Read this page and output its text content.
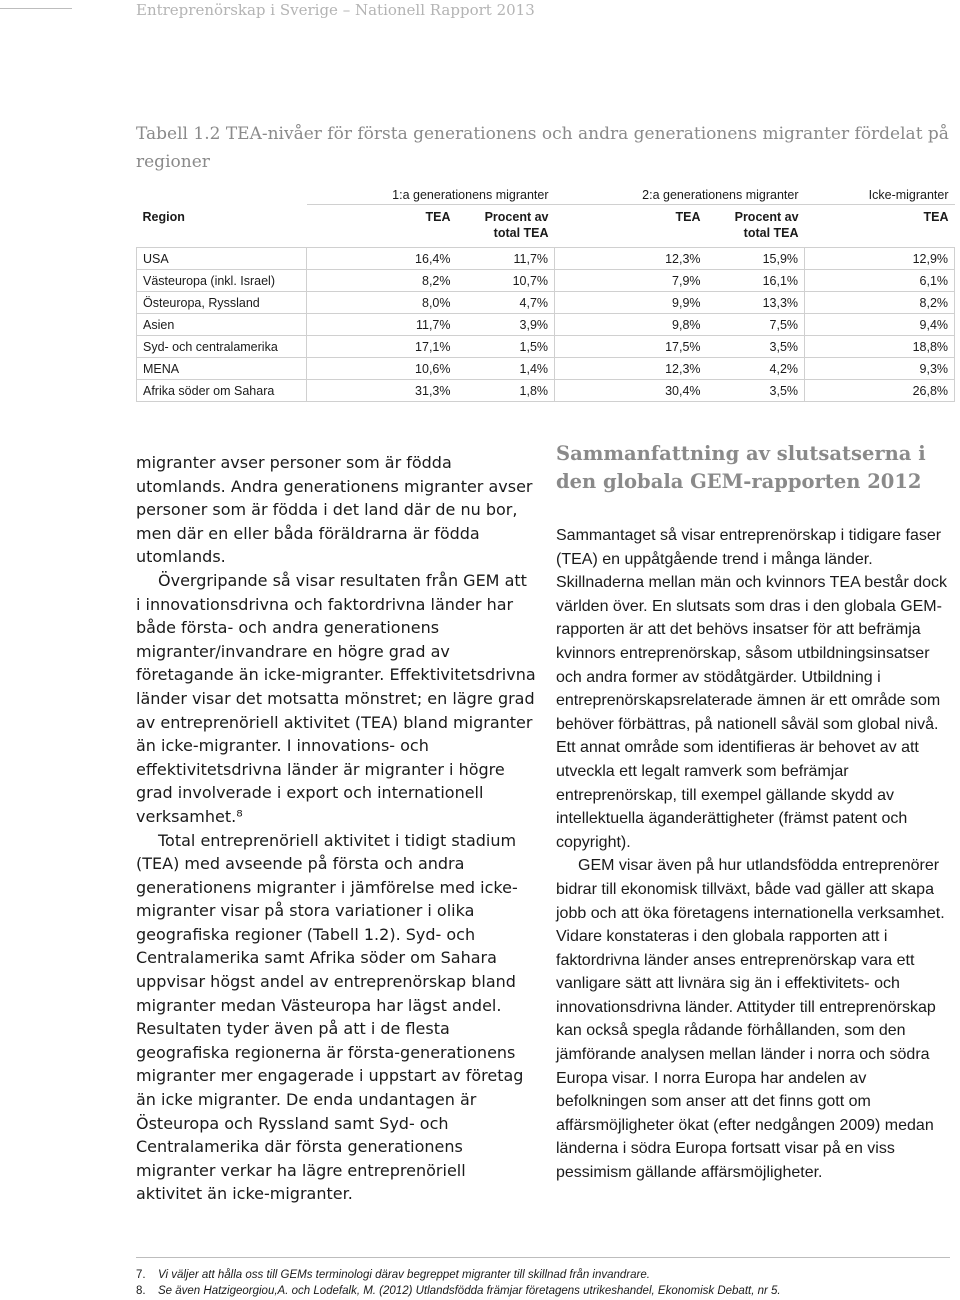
Entreprenörskap i Sverige – Nationell Rapport 2013
Tabell 1.2 TEA-nivåer för första generationens och andra generationens migranter fördelat på regioner
	1:a generationens migranter		2:a generationens migranter		Icke-migranter
Region	TEA	Procent av total TEA	TEA	Procent av total TEA	TEA
USA	16,4%	11,7%	12,3%	15,9%	12,9%
Västeuropa (inkl. Israel)	8,2%	10,7%	7,9%	16,1%	6,1%
Östeuropa, Ryssland	8,0%	4,7%	9,9%	13,3%	8,2%
Asien	11,7%	3,9%	9,8%	7,5%	9,4%
Syd- och centralamerika	17,1%	1,5%	17,5%	3,5%	18,8%
MENA	10,6%	1,4%	12,3%	4,2%	9,3%
Afrika söder om Sahara	31,3%	1,8%	30,4%	3,5%	26,8%

migranter avser personer som är födda utomlands. Andra generationens migranter avser personer som är födda i det land där de nu bor, men där en eller båda föräldrarna är födda utomlands.

Övergripande så visar resultaten från GEM att i innovationsdrivna och faktordrivna länder har både första- och andra generationens migranter/invandrare en högre grad av företagande än icke-migranter. Effektivitetsdrivna länder visar det motsatta mönstret; en lägre grad av entreprenöriell aktivitet (TEA) bland migranter än icke-migranter. I innovations- och effektivitetsdrivna länder är migranter i högre grad involverade i export och internationell verksamhet.⁸

Total entreprenöriell aktivitet i tidigt stadium (TEA) med avseende på första och andra generationens migranter i jämförelse med icke-migranter visar på stora variationer i olika geografiska regioner (Tabell 1.2). Syd- och Centralamerika samt Afrika söder om Sahara uppvisar högst andel av entreprenörskap bland migranter medan Västeuropa har lägst andel. Resultaten tyder även på att i de flesta geografiska regionerna är första-generationens migranter mer engagerade i uppstart av företag än icke migranter. De enda undantagen är Östeuropa och Ryssland samt Syd- och Centralamerika där första generationens migranter verkar ha lägre entreprenöriell aktivitet än icke-migranter.

Sammanfattning av slutsatserna i den globala GEM-rapporten 2012

Sammantaget så visar entreprenörskap i tidigare faser (TEA) en uppåtgående trend i många länder. Skillnaderna mellan män och kvinnors TEA består dock världen över. En slutsats som dras i den globala GEM-rapporten är att det behövs insatser för att befrämja kvinnors entreprenörskap, såsom utbildningsinsatser och andra former av stödåtgärder. Utbildning i entreprenörskapsrelaterade ämnen är ett område som behöver förbättras, på nationell såväl som global nivå. Ett annat område som identifieras är behovet av att utveckla ett legalt ramverk som befrämjar entreprenörskap, till exempel gällande skydd av intellektuella äganderättigheter (främst patent och copyright).

GEM visar även på hur utlandsfödda entreprenörer bidrar till ekonomisk tillväxt, både vad gäller att skapa jobb och att öka företagens internationella verksamhet. Vidare konstateras i den globala rapporten att i faktordrivna länder anses entreprenörskap vara ett vanligare sätt att livnära sig än i effektivitets- och innovationsdrivna länder. Attityder till entreprenörskap kan också spegla rådande förhållanden, som den jämförande analysen mellan länder i norra och södra Europa visar. I norra Europa har andelen av befolkningen som anser att det finns gott om affärsmöjligheter ökat (efter nedgången 2009) medan länderna i södra Europa fortsatt visar på en viss pessimism gällande affärsmöjligheter.

7.	Vi väljer att hålla oss till GEMs terminologi därav begreppet migranter till skillnad från invandrare.
8.	Se även Hatzigeorgiou,A. och Lodefalk, M. (2012) Utlandsfödda främjar företagens utrikeshandel, Ekonomisk Debatt, nr 5.
